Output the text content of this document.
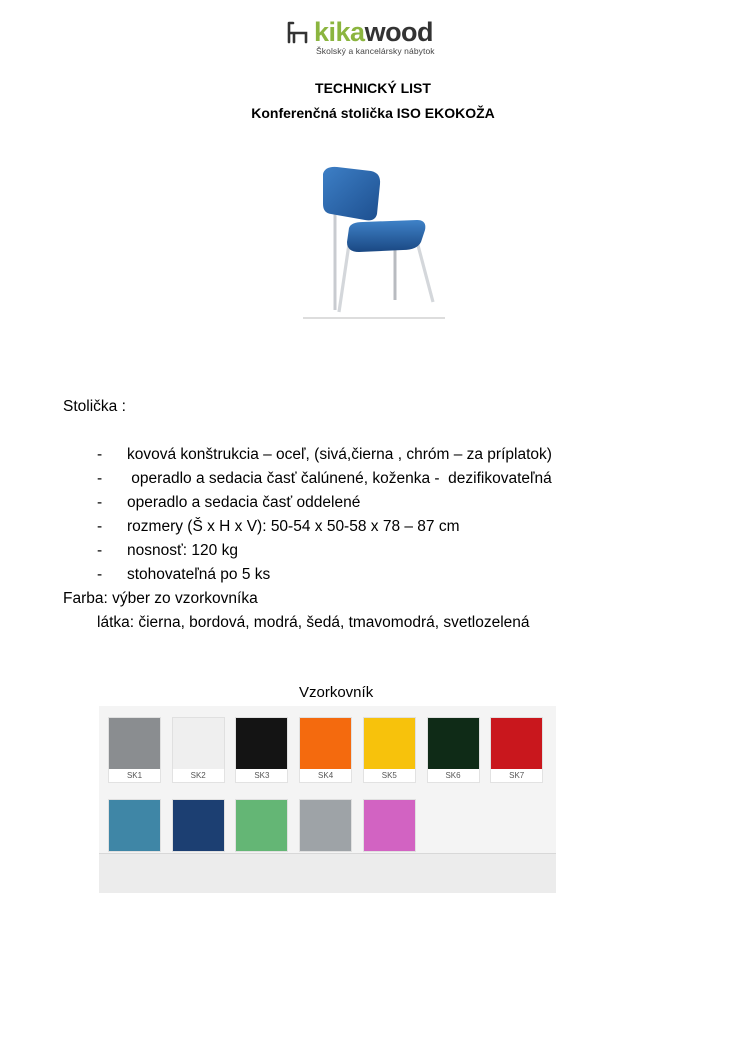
kikawood
Školský a kancelársky nábytok
TECHNICKÝ LIST
Konferenčná stolička ISO EKOKOŽA
Stolička :
- kovová konštrukcia – oceľ, (sivá,čierna , chróm – za príplatok)
- operadlo a sedacia časť čalúnené, koženka -  dezifikovateľná
- operadlo a sedacia časť oddelené
- rozmery (Š x H x V): 50-54 x 50-58 x 78 – 87 cm
- nosnosť: 120 kg
- stohovateľná po 5 ks
Farba: výber zo vzorkovníka
látka: čierna, bordová, modrá, šedá, tmavomodrá, svetlozelená
Vzorkovník
SK1	SK2	SK3	SK4	SK5	SK6	SK7
